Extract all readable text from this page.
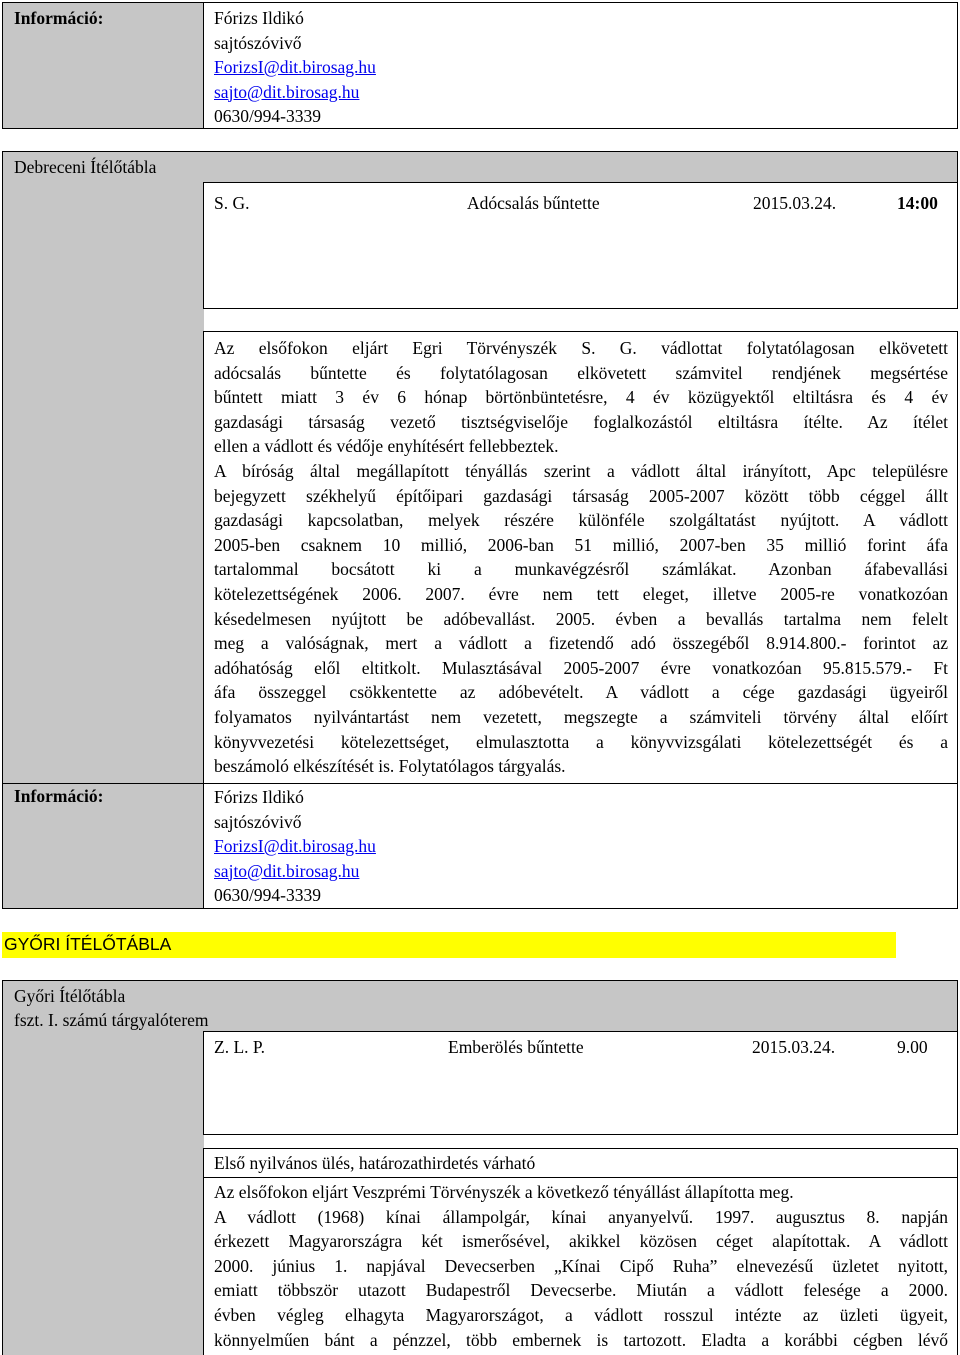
Információ:	Fórizs Ildikó
sajtószóvivő
ForizsI@dit.birosag.hu
sajto@dit.birosag.hu
0630/994-3339
Debreceni Ítélőtábla
S. G.	Adócsalás bűntette	2015.03.24.	14:00
Az elsőfokon eljárt Egri Törvényszék S. G. vádlottat folytatólagosan elkövetett
adócsalás bűntette és folytatólagosan elkövetett számvitel rendjének megsértése
bűntett miatt 3 év 6 hónap börtönbüntetésre, 4 év közügyektől eltiltásra és 4 év
gazdasági társaság vezető tisztségviselője foglalkozástól eltiltásra ítélte. Az ítélet
ellen a vádlott és védője enyhítésért fellebbeztek.
A bíróság által megállapított tényállás szerint a vádlott által irányított, Apc településre
bejegyzett székhelyű építőipari gazdasági társaság 2005-2007 között több céggel állt
gazdasági kapcsolatban, melyek részére különféle szolgáltatást nyújtott. A vádlott
2005-ben csaknem 10 millió, 2006-ban 51 millió, 2007-ben 35 millió forint áfa
tartalommal bocsátott ki a munkavégzésről számlákat. Azonban áfabevallási
kötelezettségének 2006. 2007. évre nem tett eleget, illetve 2005-re vonatkozóan
késedelmesen nyújtott be adóbevallást. 2005. évben a bevallás tartalma nem felelt
meg a valóságnak, mert a vádlott a fizetendő adó összegéből 8.914.800.- forintot az
adóhatóság elől eltitkolt. Mulasztásával 2005-2007 évre vonatkozóan 95.815.579.- Ft
áfa összeggel csökkentette az adóbevételt. A vádlott a cége gazdasági ügyeiről
folyamatos nyilvántartást nem vezetett, megszegte a számviteli törvény által előírt
könyvvezetési kötelezettséget, elmulasztotta a könyvvizsgálati kötelezettségét és a
beszámoló elkészítését is. Folytatólagos tárgyalás.
Információ:	Fórizs Ildikó
sajtószóvivő
ForizsI@dit.birosag.hu
sajto@dit.birosag.hu
0630/994-3339
GYŐRI ÍTÉLŐTÁBLA
Győri Ítélőtábla
fszt. I. számú tárgyalóterem
Z. L. P.	Emberölés bűntette	2015.03.24.	9.00
Első nyilvános ülés, határozathirdetés várható
Az elsőfokon eljárt Veszprémi Törvényszék a következő tényállást állapította meg.
A vádlott (1968) kínai állampolgár, kínai anyanyelvű. 1997. augusztus 8. napján
érkezett Magyarországra két ismerősével, akikkel közösen céget alapítottak. A vádlott
2000. június 1. napjával Devecserben „Kínai Cipő Ruha” elnevezésű üzletet nyitott,
emiatt többször utazott Budapestről Devecserbe. Miután a vádlott felesége a 2000.
évben végleg elhagyta Magyarországot, a vádlott rosszul intézte az üzleti ügyeit,
könnyelműen bánt a pénzzel, több embernek is tartozott. Eladta a korábbi cégben lévő
